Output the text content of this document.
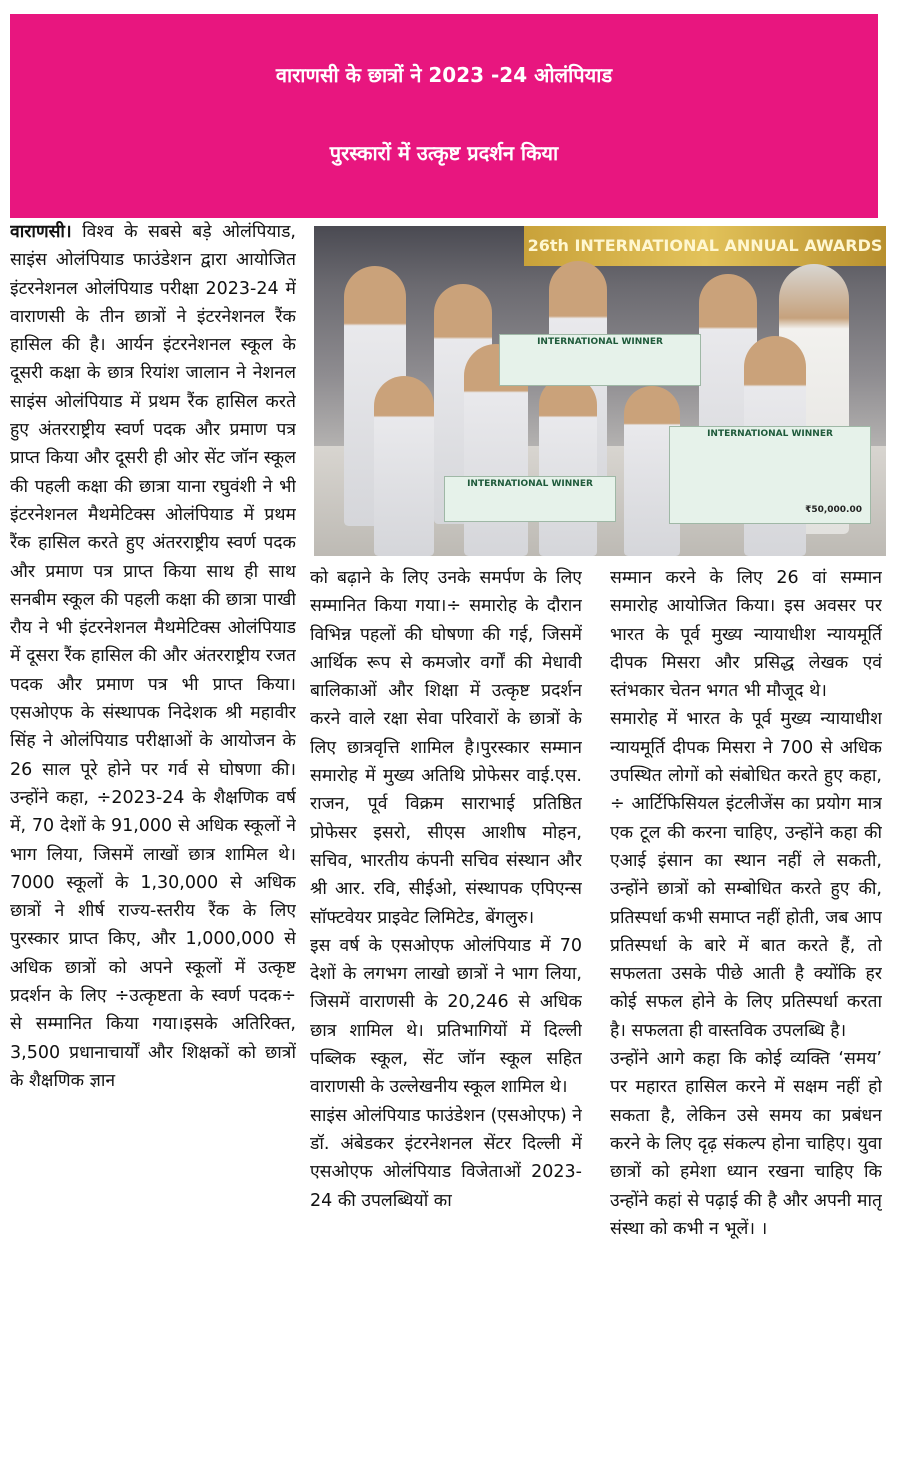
वाराणसी के छात्रों ने 2023 -24 ओलंपियाड
पुरस्कारों में उत्कृष्ट प्रदर्शन किया

वाराणसी। विश्व के सबसे बड़े ओलंपियाड, साइंस ओलंपियाड फाउंडेशन द्वारा आयोजित इंटरनेशनल ओलंपियाड परीक्षा 2023-24 में वाराणसी के तीन छात्रों ने इंटरनेशनल रैंक हासिल की है। आर्यन इंटरनेशनल स्कूल के दूसरी कक्षा के छात्र रियांश जालान ने नेशनल साइंस ओलंपियाड में प्रथम रैंक हासिल करते हुए अंतरराष्ट्रीय स्वर्ण पदक और प्रमाण पत्र प्राप्त किया और दूसरी ही ओर सेंट जॉन स्कूल की पहली कक्षा की छात्रा याना रघुवंशी ने भी इंटरनेशनल मैथमेटिक्स ओलंपियाड में प्रथम रैंक हासिल करते हुए अंतरराष्ट्रीय स्वर्ण पदक और प्रमाण पत्र प्राप्त किया साथ ही साथ सनबीम स्कूल की पहली कक्षा की छात्रा पाखी रौय ने भी इंटरनेशनल मैथमेटिक्स ओलंपियाड में दूसरा रैंक हासिल की और अंतरराष्ट्रीय रजत पदक और प्रमाण पत्र भी प्राप्त किया। एसओएफ के संस्थापक निदेशक श्री महावीर सिंह ने ओलंपियाड परीक्षाओं के आयोजन के 26 साल पूरे होने पर गर्व से घोषणा की। उन्होंने कहा, ÷2023-24 के शैक्षणिक वर्ष में, 70 देशों के 91,000 से अधिक स्कूलों ने भाग लिया, जिसमें लाखों छात्र शामिल थे। 7000 स्कूलों के 1,30,000 से अधिक छात्रों ने शीर्ष राज्य-स्तरीय रैंक के लिए पुरस्कार प्राप्त किए, और 1,000,000 से अधिक छात्रों को अपने स्कूलों में उत्कृष्ट प्रदर्शन के लिए ÷उत्कृष्टता के स्वर्ण पदक÷ से सम्मानित किया गया।इसके अतिरिक्त, 3,500 प्रधानाचार्यों और शिक्षकों को छात्रों के शैक्षणिक ज्ञान

26th INTERNATIONAL ANNUAL AWARDS
INTERNATIONAL WINNER
INTERNATIONAL WINNER
₹50,000.00
INTERNATIONAL WINNER

को बढ़ाने के लिए उनके समर्पण के लिए सम्मानित किया गया।÷ समारोह के दौरान विभिन्न पहलों की घोषणा की गई, जिसमें आर्थिक रूप से कमजोर वर्गों की मेधावी बालिकाओं और शिक्षा में उत्कृष्ट प्रदर्शन करने वाले रक्षा सेवा परिवारों के छात्रों के लिए छात्रवृत्ति शामिल है।पुरस्कार सम्मान समारोह में मुख्य अतिथि प्रोफेसर वाई.एस. राजन, पूर्व विक्रम साराभाई प्रतिष्ठित प्रोफेसर इसरो, सीएस आशीष मोहन, सचिव, भारतीय कंपनी सचिव संस्थान और श्री आर. रवि, सीईओ, संस्थापक एपिएन्स सॉफ्टवेयर प्राइवेट लिमिटेड, बेंगलुरु।

इस वर्ष के एसओएफ ओलंपियाड में 70 देशों के लगभग लाखो छात्रों ने भाग लिया, जिसमें वाराणसी के 20,246 से अधिक छात्र शामिल थे। प्रतिभागियों में दिल्ली पब्लिक स्कूल, सेंट जॉन स्कूल सहित वाराणसी के उल्लेखनीय स्कूल शामिल थे।

साइंस ओलंपियाड फाउंडेशन (एसओएफ) ने डॉ. अंबेडकर इंटरनेशनल सेंटर दिल्ली में एसओएफ ओलंपियाड विजेताओं 2023-24 की उपलब्धियों का

सम्मान करने के लिए 26 वां सम्मान समारोह आयोजित किया। इस अवसर पर भारत के पूर्व मुख्य न्यायाधीश न्यायमूर्ति दीपक मिसरा और प्रसिद्ध लेखक एवं स्तंभकार चेतन भगत भी मौजूद थे।

समारोह में भारत के पूर्व मुख्य न्यायाधीश न्यायमूर्ति दीपक मिसरा ने 700 से अधिक उपस्थित लोगों को संबोधित करते हुए कहा, ÷ आर्टिफिसियल इंटलीजेंस का प्रयोग मात्र एक टूल की करना चाहिए, उन्होंने कहा की एआई इंसान का स्थान नहीं ले सकती, उन्होंने छात्रों को सम्बोधित करते हुए की, प्रतिस्पर्धा कभी समाप्त नहीं होती, जब आप प्रतिस्पर्धा के बारे में बात करते हैं, तो सफलता उसके पीछे आती है क्योंकि हर कोई सफल होने के लिए प्रतिस्पर्धा करता है। सफलता ही वास्तविक उपलब्धि है।

उन्होंने आगे कहा कि कोई व्यक्ति ‘समय’ पर महारत हासिल करने में सक्षम नहीं हो सकता है, लेकिन उसे समय का प्रबंधन करने के लिए दृढ़ संकल्प होना चाहिए। युवा छात्रों को हमेशा ध्यान रखना चाहिए कि उन्होंने कहां से पढ़ाई की है और अपनी मातृ संस्था को कभी न भूलें। ।
